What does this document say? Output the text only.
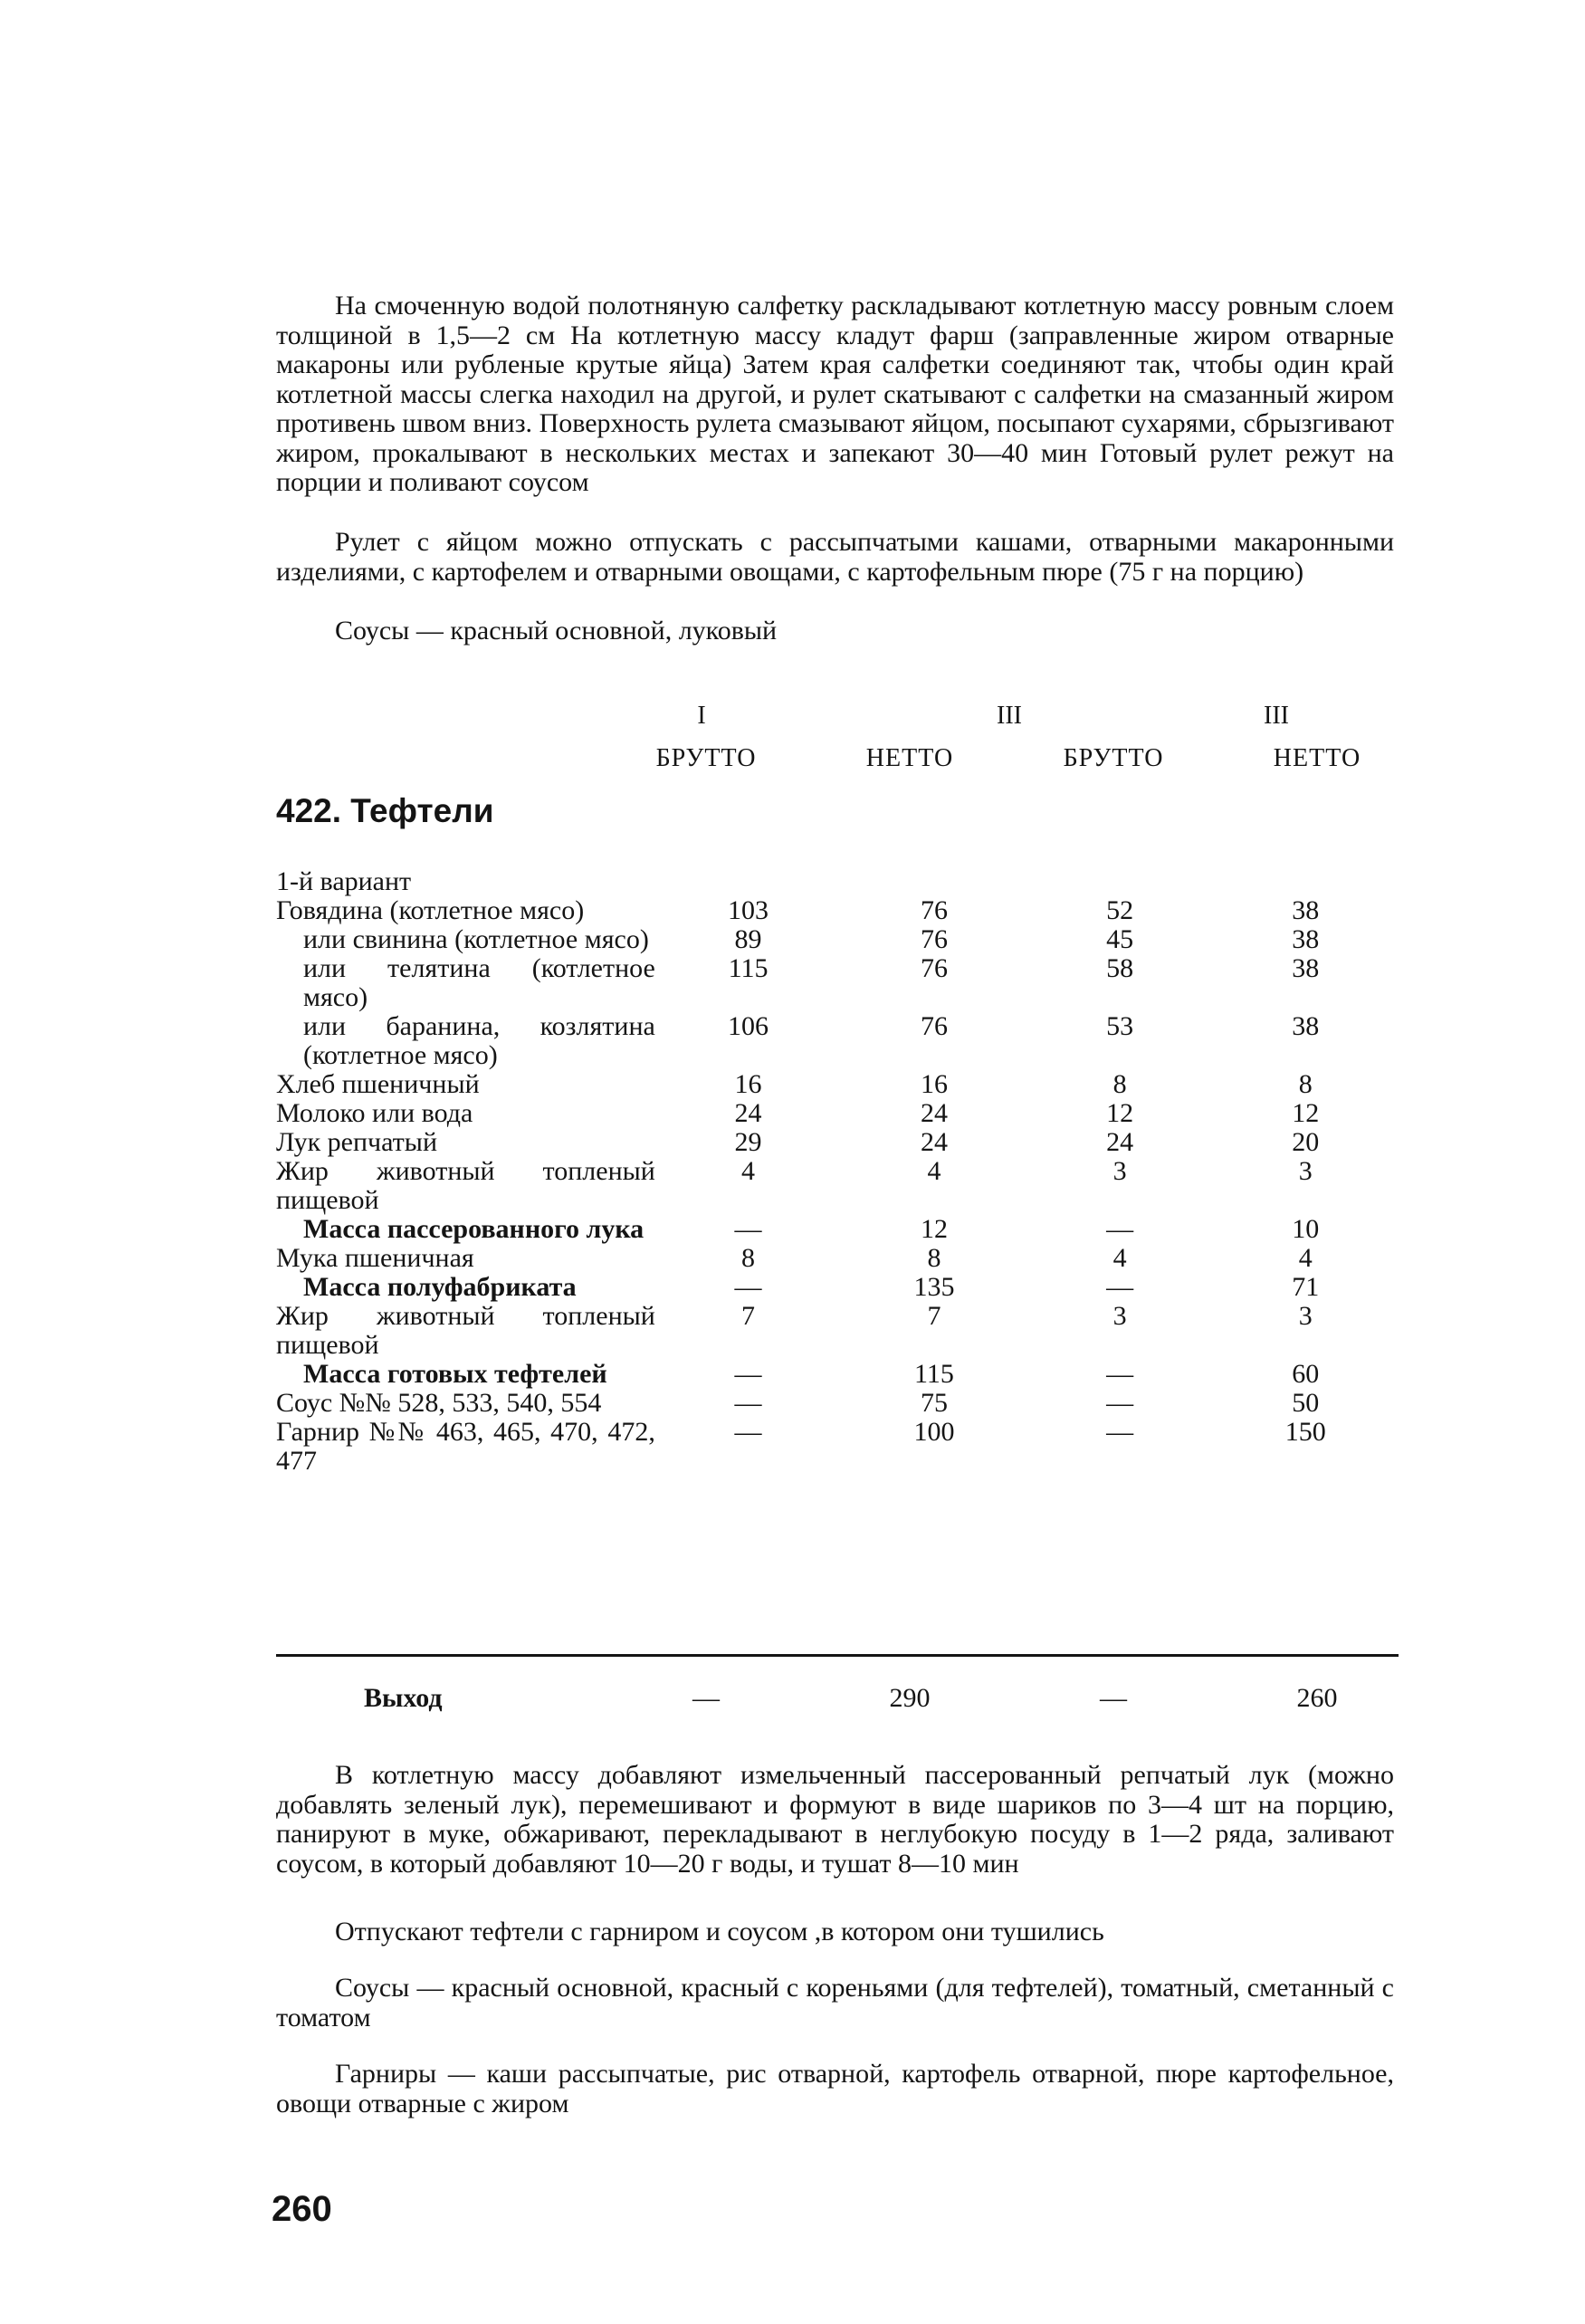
На смоченную водой полотняную салфетку раскладывают котлетную массу ровным слоем толщиной в 1,5—2 см На котлетную массу кладут фарш (заправленные жиром отварные макароны или рубленые крутые яйца) Затем края салфетки соединяют так, чтобы один край котлетной массы слегка находил на другой, и рулет скатывают с салфетки на смазанный жиром противень швом вниз. Поверхность рулета смазывают яйцом, посыпают сухарями, сбрызгивают жиром, прокалывают в нескольких местах и запекают 30—40 мин Готовый рулет режут на порции и поливают соусом

Рулет с яйцом можно отпускать с рассыпчатыми кашами, отварными макаронными изделиями, с картофелем и отварными овощами, с картофельным пюре (75 г на порцию)

Соусы — красный основной, луковый

I	III	III
БРУТТО	НЕТТО	БРУТТО	НЕТТО
422. Тефтели
1-й вариант				
Говядина (котлетное мясо)	103	76	52	38
или свинина (котлетное мясо)	89	76	45	38
или телятина (котлетное мясо)	115	76	58	38
или баранина, козлятина (котлетное мясо)	106	76	53	38
Хлеб пшеничный	16	16	8	8
Молоко или вода	24	24	12	12
Лук репчатый	29	24	24	20
Жир животный топленый пищевой	4	4	3	3
Масса пассерованного лука	—	12	—	10
Мука пшеничная	8	8	4	4
Масса полуфабриката	—	135	—	71
Жир животный топленый пищевой	7	7	3	3
Масса готовых тефтелей	—	115	—	60
Соус №№ 528, 533, 540, 554	—	75	—	50
Гарнир №№ 463, 465, 470, 472, 477	—	100	—	150
Выход	—	290	—	260

В котлетную массу добавляют измельченный пассерованный репчатый лук (можно добавлять зеленый лук), перемешивают и формуют в виде шариков по 3—4 шт на порцию, панируют в муке, обжаривают, перекладывают в неглубокую посуду в 1—2 ряда, заливают соусом, в который добавляют 10—20 г воды, и тушат 8—10 мин

Отпускают тефтели с гарниром и соусом ,в котором они тушились

Соусы — красный основной, красный с кореньями (для тефтелей), томатный, сметанный с томатом

Гарниры — каши рассыпчатые, рис отварной, картофель отварной, пюре картофельное, овощи отварные с жиром

260
